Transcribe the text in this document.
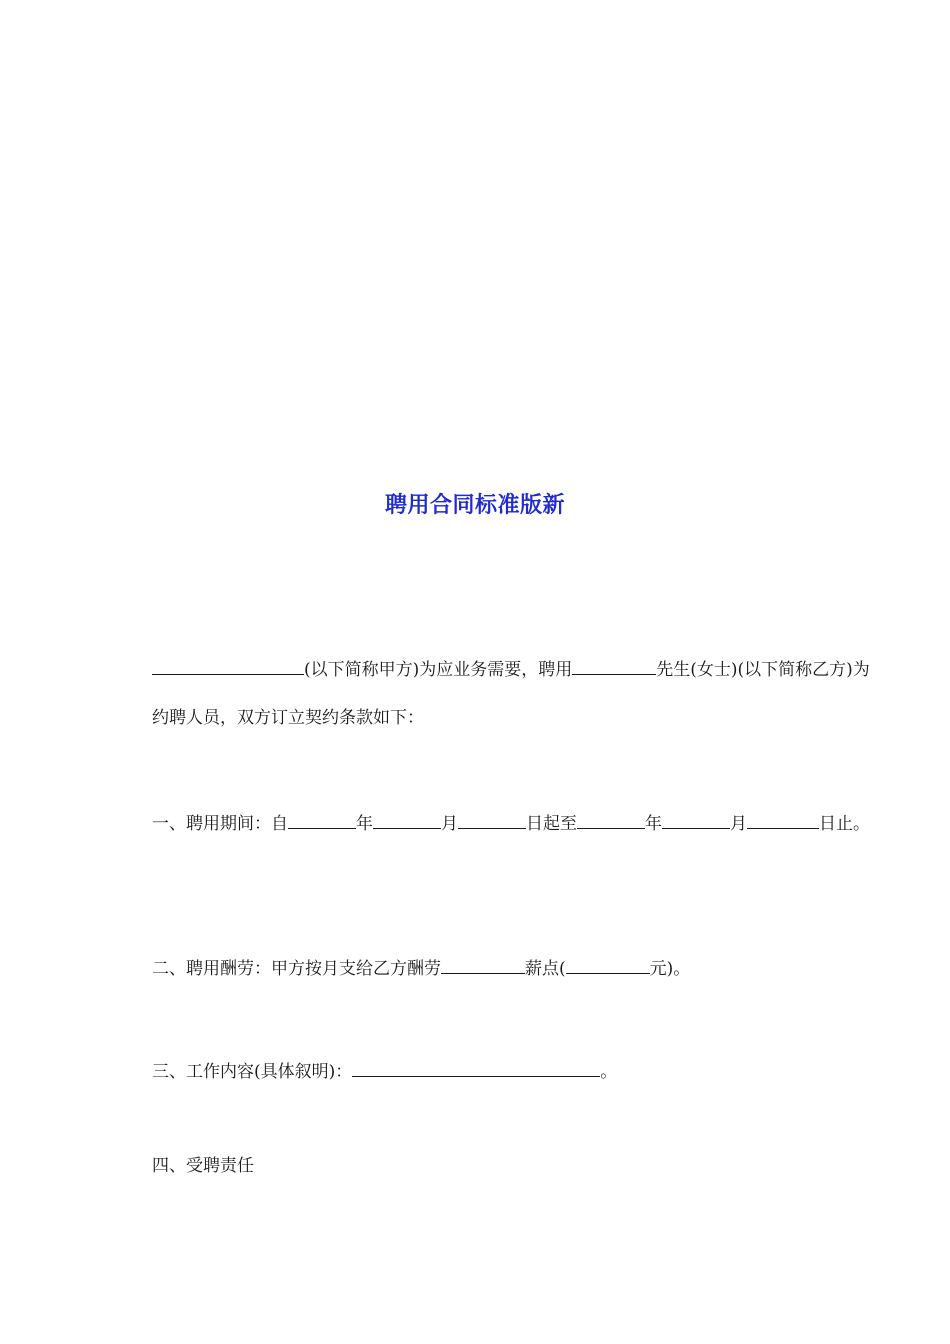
聘用合同标准版新
(以下简称甲方)为应业务需要，聘用	先生(女士)(以下简称乙方)为约聘人员，双方订立契约条款如下：
一、聘用期间：自	年	月	日起至	年	月	日止。
二、聘用酬劳：甲方按月支给乙方酬劳	薪点(	元)。
三、工作内容(具体叙明)：	。
四、受聘责任
